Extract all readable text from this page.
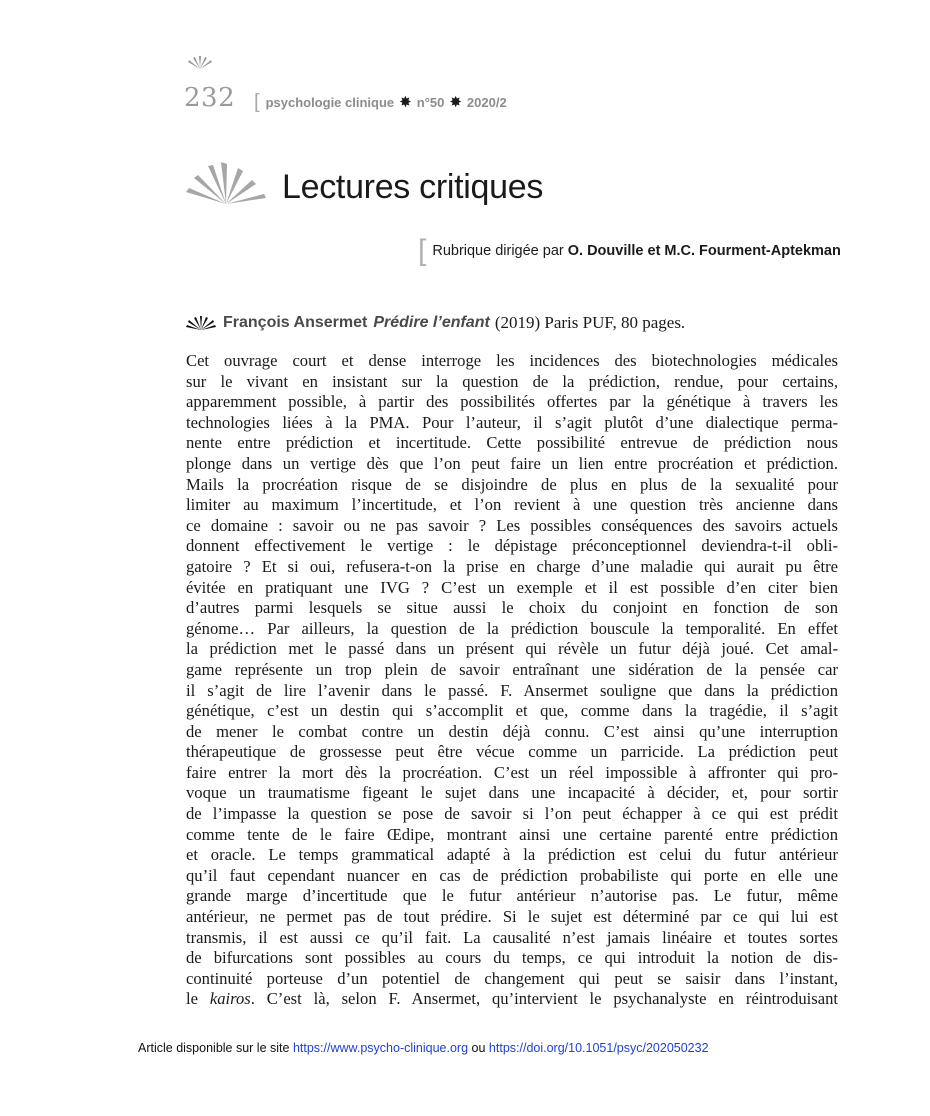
232 [ psychologie clinique ✸ n°50 ✸ 2020/2
Lectures critiques
[ Rubrique dirigée par O. Douville et M.C. Fourment-Aptekman
François Ansermet Prédire l’enfant (2019) Paris PUF, 80 pages.
Cet ouvrage court et dense interroge les incidences des biotechnologies médicales
sur le vivant en insistant sur la question de la prédiction, rendue, pour certains,
apparemment possible, à partir des possibilités offertes par la génétique à travers les
technologies liées à la PMA. Pour l’auteur, il s’agit plutôt d’une dialectique perma-
nente entre prédiction et incertitude. Cette possibilité entrevue de prédiction nous
plonge dans un vertige dès que l’on peut faire un lien entre procréation et prédiction.
Mails la procréation risque de se disjoindre de plus en plus de la sexualité pour
limiter au maximum l’incertitude, et l’on revient à une question très ancienne dans
ce domaine : savoir ou ne pas savoir ? Les possibles conséquences des savoirs actuels
donnent effectivement le vertige : le dépistage préconceptionnel deviendra-t-il obli-
gatoire ? Et si oui, refusera-t-on la prise en charge d’une maladie qui aurait pu être
évitée en pratiquant une IVG ? C’est un exemple et il est possible d’en citer bien
d’autres parmi lesquels se situe aussi le choix du conjoint en fonction de son
génome… Par ailleurs, la question de la prédiction bouscule la temporalité. En effet
la prédiction met le passé dans un présent qui révèle un futur déjà joué. Cet amal-
game représente un trop plein de savoir entraînant une sidération de la pensée car
il s’agit de lire l’avenir dans le passé. F. Ansermet souligne que dans la prédiction
génétique, c’est un destin qui s’accomplit et que, comme dans la tragédie, il s’agit
de mener le combat contre un destin déjà connu. C’est ainsi qu’une interruption
thérapeutique de grossesse peut être vécue comme un parricide. La prédiction peut
faire entrer la mort dès la procréation. C’est un réel impossible à affronter qui pro-
voque un traumatisme figeant le sujet dans une incapacité à décider, et, pour sortir
de l’impasse la question se pose de savoir si l’on peut échapper à ce qui est prédit
comme tente de le faire Œdipe, montrant ainsi une certaine parenté entre prédiction
et oracle. Le temps grammatical adapté à la prédiction est celui du futur antérieur
qu’il faut cependant nuancer en cas de prédiction probabiliste qui porte en elle une
grande marge d’incertitude que le futur antérieur n’autorise pas. Le futur, même
antérieur, ne permet pas de tout prédire. Si le sujet est déterminé par ce qui lui est
transmis, il est aussi ce qu’il fait. La causalité n’est jamais linéaire et toutes sortes
de bifurcations sont possibles au cours du temps, ce qui introduit la notion de dis-
continuité porteuse d’un potentiel de changement qui peut se saisir dans l’instant,
le kairos. C’est là, selon F. Ansermet, qu’intervient le psychanalyste en réintroduisant
Article disponible sur le site https://www.psycho-clinique.org ou https://doi.org/10.1051/psyc/202050232
